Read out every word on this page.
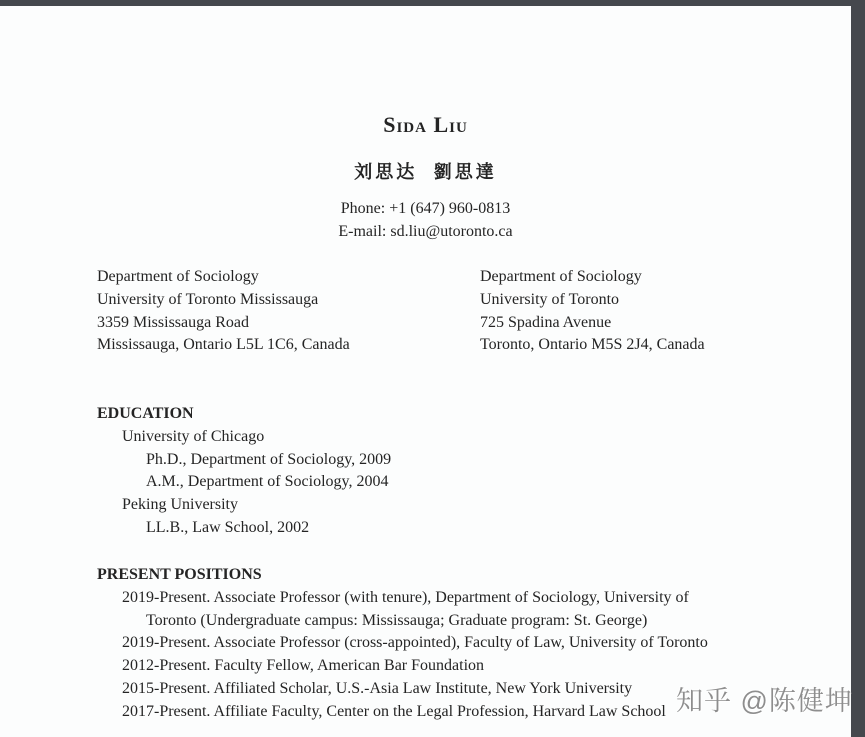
Sida Liu
刘思达 劉思達
Phone: +1 (647) 960-0813
E-mail: sd.liu@utoronto.ca
Department of Sociology
University of Toronto Mississauga
3359 Mississauga Road
Mississauga, Ontario L5L 1C6, Canada
Department of Sociology
University of Toronto
725 Spadina Avenue
Toronto, Ontario M5S 2J4, Canada
EDUCATION
University of Chicago
Ph.D., Department of Sociology, 2009
A.M., Department of Sociology, 2004
Peking University
LL.B., Law School, 2002
PRESENT POSITIONS
2019-Present. Associate Professor (with tenure), Department of Sociology, University of
Toronto (Undergraduate campus: Mississauga; Graduate program: St. George)
2019-Present. Associate Professor (cross-appointed), Faculty of Law, University of Toronto
2012-Present. Faculty Fellow, American Bar Foundation
2015-Present. Affiliated Scholar, U.S.-Asia Law Institute, New York University
2017-Present. Affiliate Faculty, Center on the Legal Profession, Harvard Law School 知乎 @陈健坤
